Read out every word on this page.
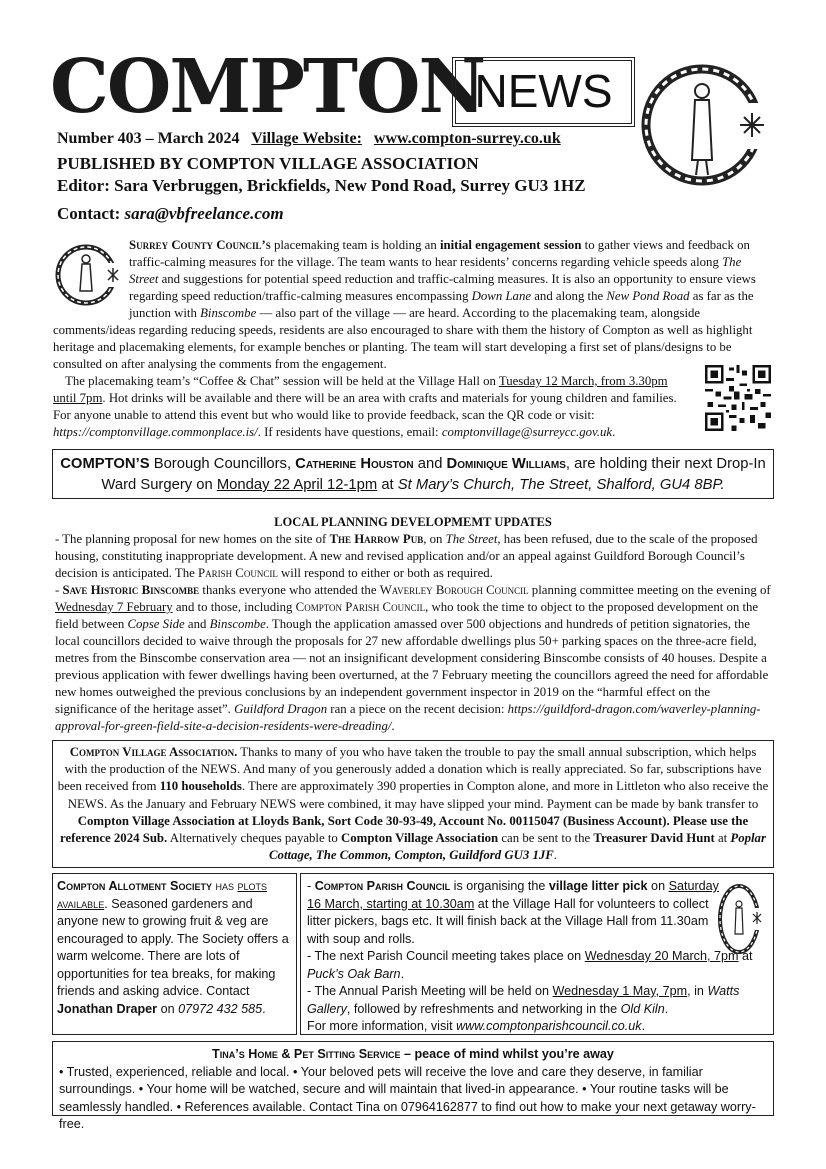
COMPTON
NEWS
Number 403 – March 2024 Village Website: www.compton-surrey.co.uk
PUBLISHED BY COMPTON VILLAGE ASSOCIATION
Editor: Sara Verbruggen, Brickfields, New Pond Road, Surrey GU3 1HZ
Contact: sara@vbfreelance.com
Surrey County Council’s placemaking team is holding an initial engagement session to gather views and feedback on traffic-calming measures for the village. The team wants to hear residents’ concerns regarding vehicle speeds along The Street and suggestions for potential speed reduction and traffic-calming measures. It is also an opportunity to ensure views regarding speed reduction/traffic-calming measures encompassing Down Lane and along the New Pond Road as far as the junction with Binscombe — also part of the village — are heard. According to the placemaking team, alongside comments/ideas regarding reducing speeds, residents are also encouraged to share with them the history of Compton as well as highlight heritage and placemaking elements, for example benches or planting. The team will start developing a first set of plans/designs to be consulted on after analysing the comments from the engagement.
The placemaking team’s “Coffee & Chat” session will be held at the Village Hall on Tuesday 12 March, from 3.30pm until 7pm. Hot drinks will be available and there will be an area with crafts and materials for young children and families. For anyone unable to attend this event but who would like to provide feedback, scan the QR code or visit: https://comptonvillage.commonplace.is/. If residents have questions, email: comptonvillage@surreycc.gov.uk.
COMPTON’S Borough Councillors, Catherine Houston and Dominique Williams, are holding their next Drop-In Ward Surgery on Monday 22 April 12-1pm at St Mary’s Church, The Street, Shalford, GU4 8BP.
LOCAL PLANNING DEVELOPMEMT UPDATES
- The planning proposal for new homes on the site of The Harrow Pub, on The Street, has been refused, due to the scale of the proposed housing, constituting inappropriate development. A new and revised application and/or an appeal against Guildford Borough Council’s decision is anticipated. The Parish Council will respond to either or both as required.
- Save Historic Binscombe thanks everyone who attended the Waverley Borough Council planning committee meeting on the evening of Wednesday 7 February and to those, including Compton Parish Council, who took the time to object to the proposed development on the field between Copse Side and Binscombe. Though the application amassed over 500 objections and hundreds of petition signatories, the local councillors decided to waive through the proposals for 27 new affordable dwellings plus 50+ parking spaces on the three-acre field, metres from the Binscombe conservation area — not an insignificant development considering Binscombe consists of 40 houses. Despite a previous application with fewer dwellings having been overturned, at the 7 February meeting the councillors agreed the need for affordable new homes outweighed the previous conclusions by an independent government inspector in 2019 on the “harmful effect on the significance of the heritage asset”. Guildford Dragon ran a piece on the recent decision: https://guildford-dragon.com/waverley-planning-approval-for-green-field-site-a-decision-residents-were-dreading/.
Compton Village Association. Thanks to many of you who have taken the trouble to pay the small annual subscription, which helps with the production of the NEWS. And many of you generously added a donation which is really appreciated. So far, subscriptions have been received from 110 households. There are approximately 390 properties in Compton alone, and more in Littleton who also receive the NEWS. As the January and February NEWS were combined, it may have slipped your mind. Payment can be made by bank transfer to Compton Village Association at Lloyds Bank, Sort Code 30-93-49, Account No. 00115047 (Business Account). Please use the reference 2024 Sub. Alternatively cheques payable to Compton Village Association can be sent to the Treasurer David Hunt at Poplar Cottage, The Common, Compton, Guildford GU3 1JF.
Compton Allotment Society has plots available. Seasoned gardeners and anyone new to growing fruit & veg are encouraged to apply. The Society offers a warm welcome. There are lots of opportunities for tea breaks, for making friends and asking advice. Contact Jonathan Draper on 07972 432 585.
- Compton Parish Council is organising the village litter pick on Saturday 16 March, starting at 10.30am at the Village Hall for volunteers to collect litter pickers, bags etc. It will finish back at the Village Hall from 11.30am with soup and rolls.
- The next Parish Council meeting takes place on Wednesday 20 March, 7pm at Puck’s Oak Barn.
- The Annual Parish Meeting will be held on Wednesday 1 May, 7pm, in Watts Gallery, followed by refreshments and networking in the Old Kiln.
For more information, visit www.comptonparishcouncil.co.uk.
Tina’s Home & Pet Sitting Service – peace of mind whilst you’re away
• Trusted, experienced, reliable and local. • Your beloved pets will receive the love and care they deserve, in familiar surroundings. • Your home will be watched, secure and will maintain that lived-in appearance. • Your routine tasks will be seamlessly handled. • References available. Contact Tina on 07964162877 to find out how to make your next getaway worry-free.
